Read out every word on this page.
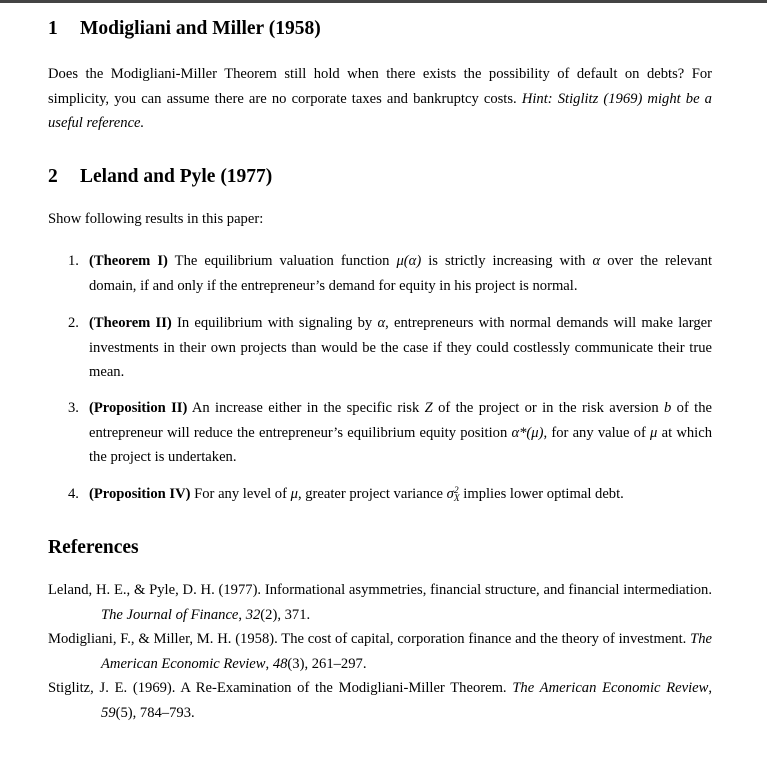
1 Modigliani and Miller (1958)

Does the Modigliani-Miller Theorem still hold when there exists the possibility of default on debts? For simplicity, you can assume there are no corporate taxes and bankruptcy costs. Hint: Stiglitz (1969) might be a useful reference.

2 Leland and Pyle (1977)

Show following results in this paper:

1. (Theorem I) The equilibrium valuation function μ(α) is strictly increasing with α over the relevant domain, if and only if the entrepreneur’s demand for equity in his project is normal.
2. (Theorem II) In equilibrium with signaling by α, entrepreneurs with normal demands will make larger investments in their own projects than would be the case if they could costlessly communicate their true mean.
3. (Proposition II) An increase either in the specific risk Z of the project or in the risk aversion b of the entrepreneur will reduce the entrepreneur’s equilibrium equity position α*(μ), for any value of μ at which the project is undertaken.
4. (Proposition IV) For any level of μ, greater project variance σ 2
X implies lower optimal debt.
References
Leland, H. E., & Pyle, D. H. (1977). Informational asymmetries, financial structure, and financial intermediation. The Journal of Finance, 32(2), 371.
Modigliani, F., & Miller, M. H. (1958). The cost of capital, corporation finance and the theory of investment. The American Economic Review, 48(3), 261–297.
Stiglitz, J. E. (1969). A Re-Examination of the Modigliani-Miller Theorem. The American Economic Review, 59(5), 784–793.
